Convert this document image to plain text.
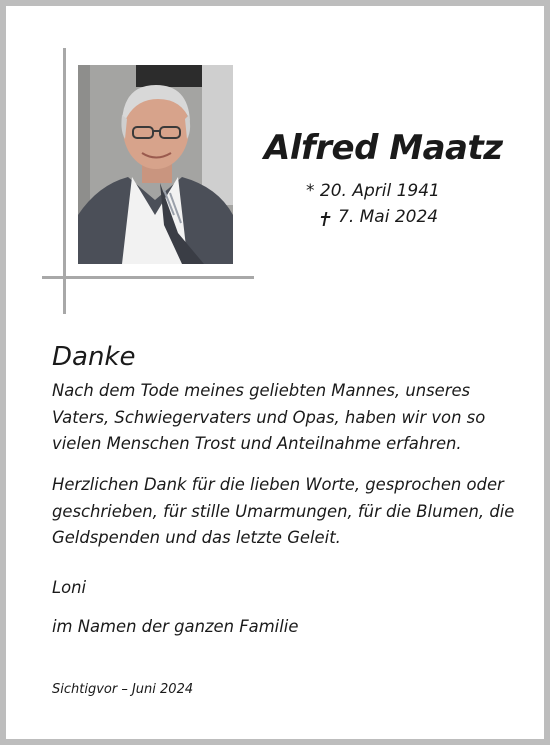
Alfred Maatz
* 20. April 1941
7. Mai 2024
Danke
Nach dem Tode meines geliebten Mannes, unseres Vaters, Schwiegervaters und Opas, haben wir von so vielen Menschen Trost und Anteilnahme erfahren.
Herzlichen Dank für die lieben Worte, gesprochen oder geschrieben, für stille Umarmungen, für die Blumen, die Geldspenden und das letzte Geleit.
Loni
im Namen der ganzen Familie
Sichtigvor – Juni 2024
